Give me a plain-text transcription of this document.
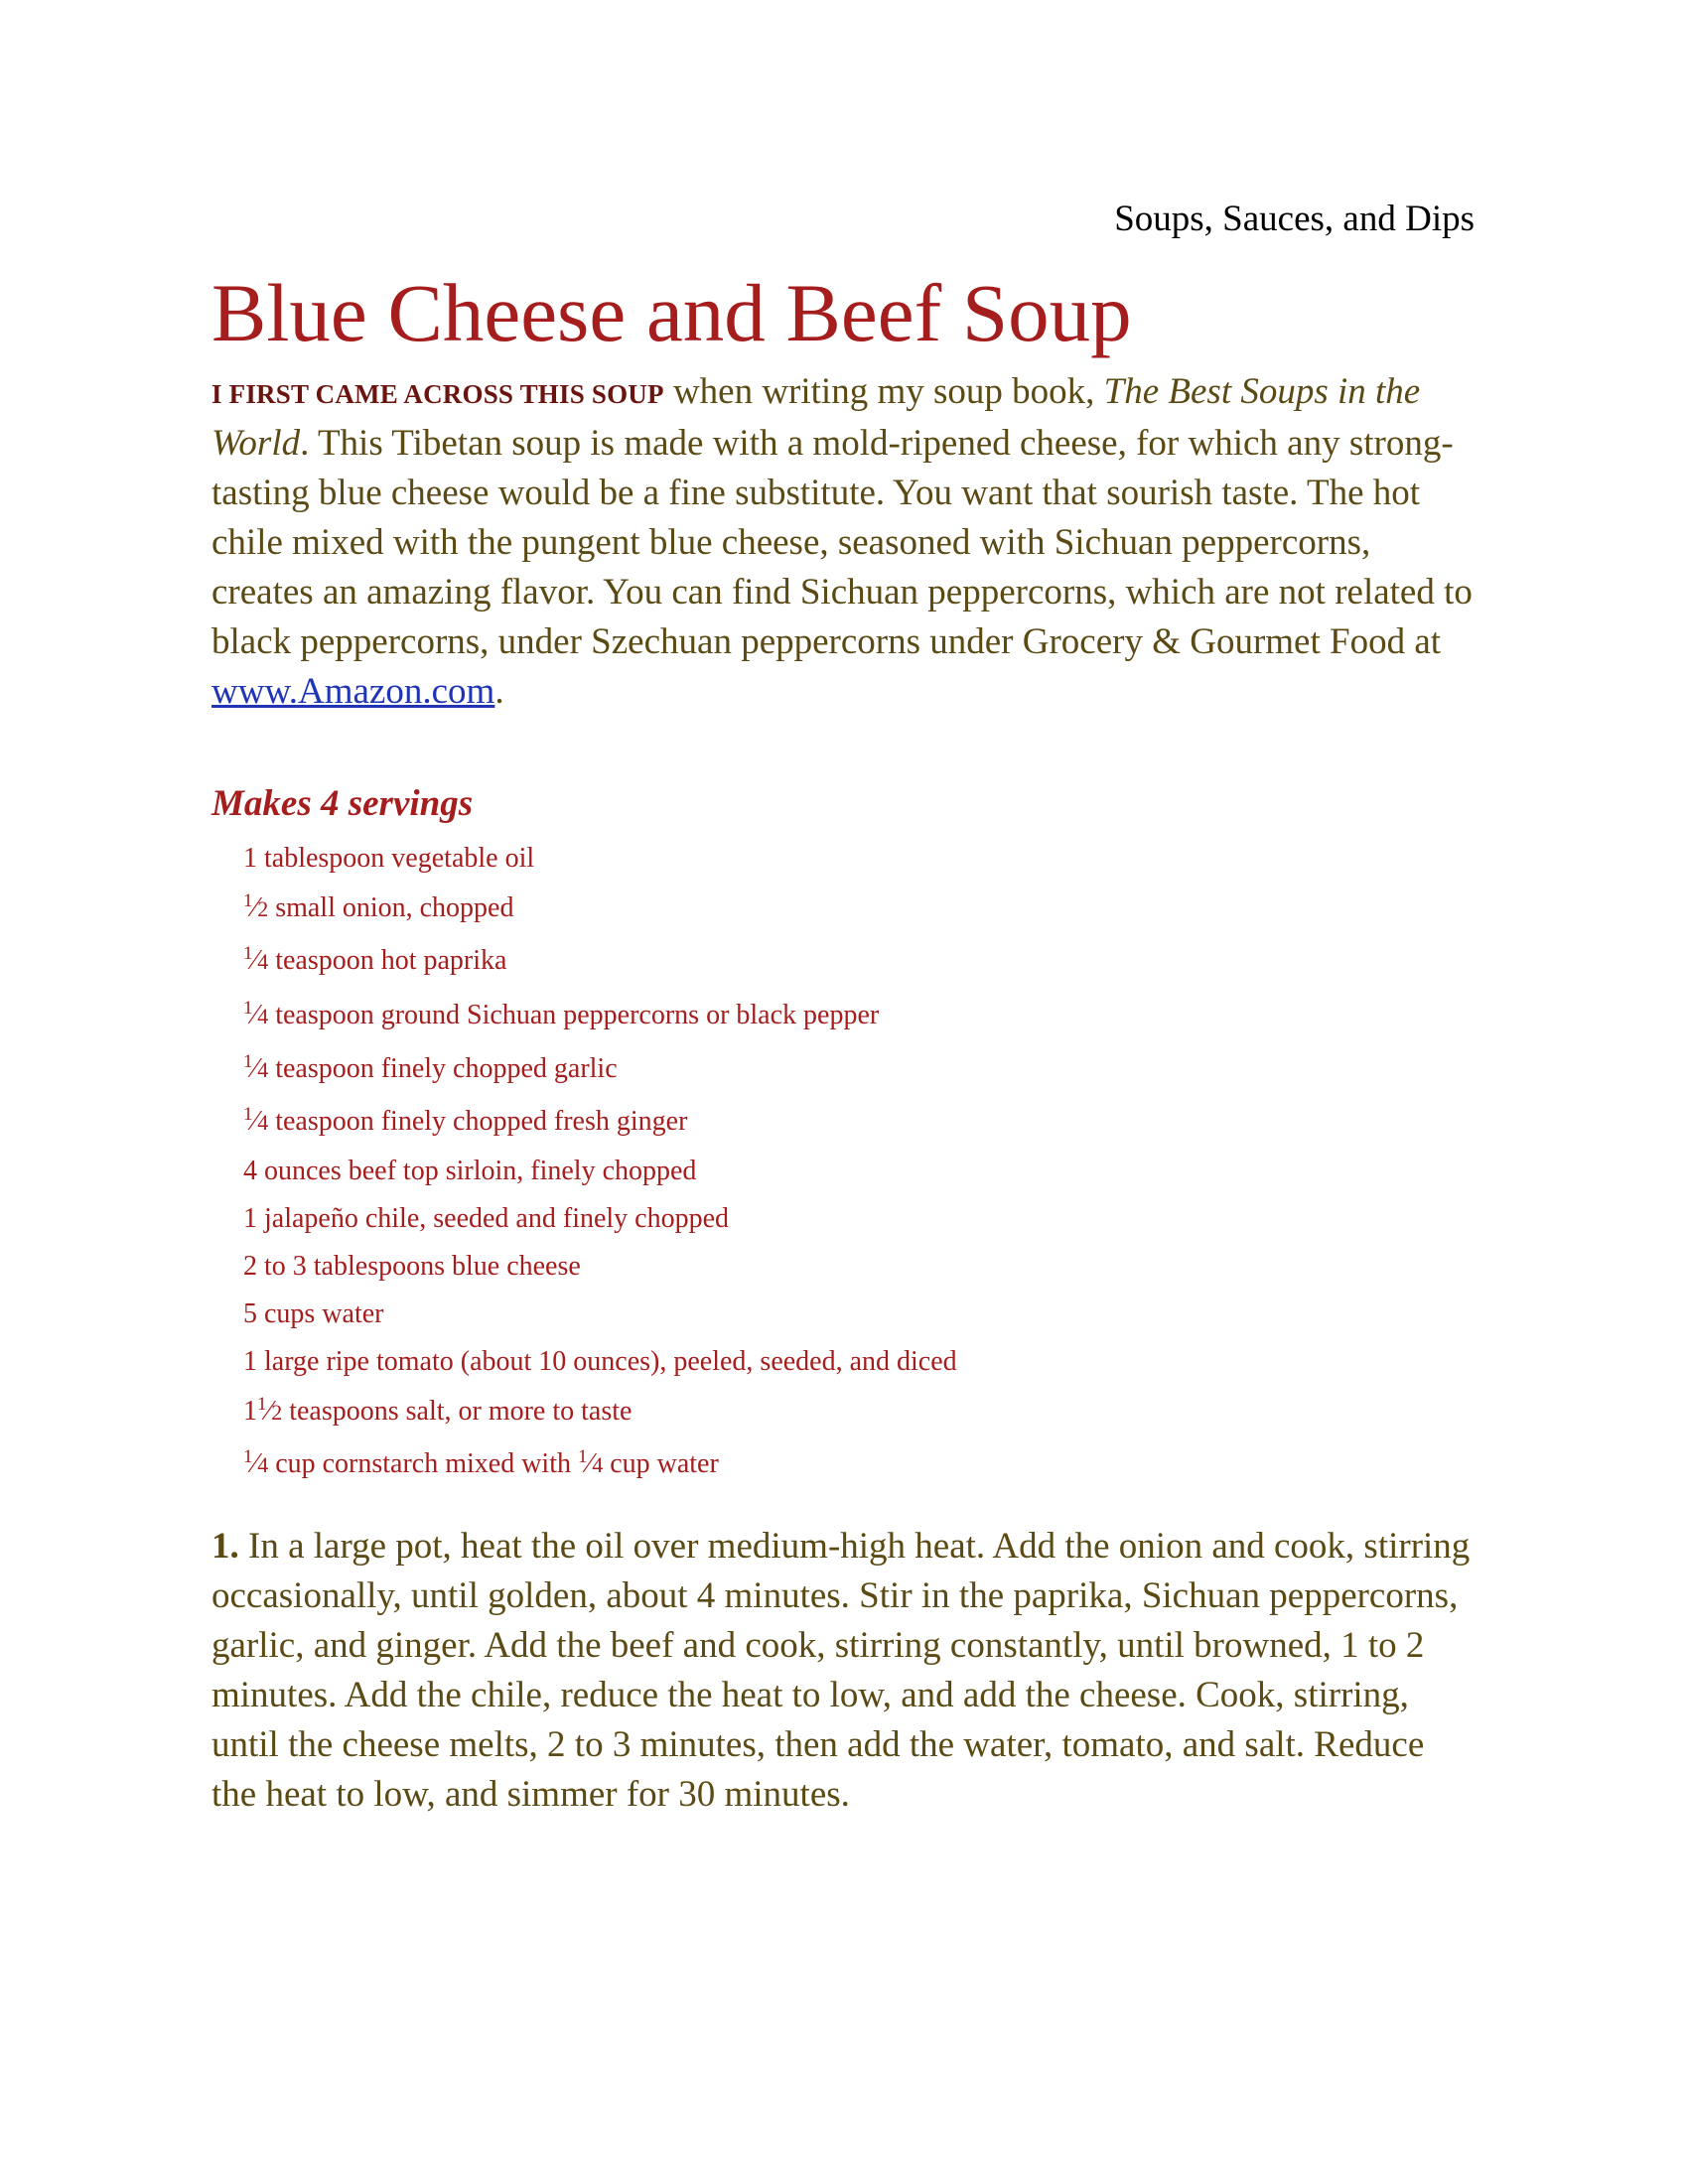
Soups, Sauces, and Dips
Blue Cheese and Beef Soup

I FIRST CAME ACROSS THIS SOUP when writing my soup book, The Best Soups in the World. This Tibetan soup is made with a mold-ripened cheese, for which any strong-tasting blue cheese would be a fine substitute. You want that sourish taste. The hot chile mixed with the pungent blue cheese, seasoned with Sichuan peppercorns, creates an amazing flavor. You can find Sichuan peppercorns, which are not related to black peppercorns, under Szechuan peppercorns under Grocery & Gourmet Food at www.Amazon.com.

Makes 4 servings
1 tablespoon vegetable oil
$^1$⁄2 small onion, chopped
$^1$⁄4 teaspoon hot paprika
$^1$⁄4 teaspoon ground Sichuan peppercorns or black pepper
$^1$⁄4 teaspoon finely chopped garlic
$^1$⁄4 teaspoon finely chopped fresh ginger
4 ounces beef top sirloin, finely chopped
1 jalapeño chile, seeded and finely chopped
2 to 3 tablespoons blue cheese
5 cups water
1 large ripe tomato (about 10 ounces), peeled, seeded, and diced
$1^1⁄2$ teaspoons salt, or more to taste
$^1$⁄4 cup cornstarch mixed with $^1$⁄4 cup water

1. In a large pot, heat the oil over medium-high heat. Add the onion and cook, stirring occasionally, until golden, about 4 minutes. Stir in the paprika, Sichuan peppercorns, garlic, and ginger. Add the beef and cook, stirring constantly, until browned, 1 to 2 minutes. Add the chile, reduce the heat to low, and add the cheese. Cook, stirring, until the cheese melts, 2 to 3 minutes, then add the water, tomato, and salt. Reduce the heat to low, and simmer for 30 minutes.
